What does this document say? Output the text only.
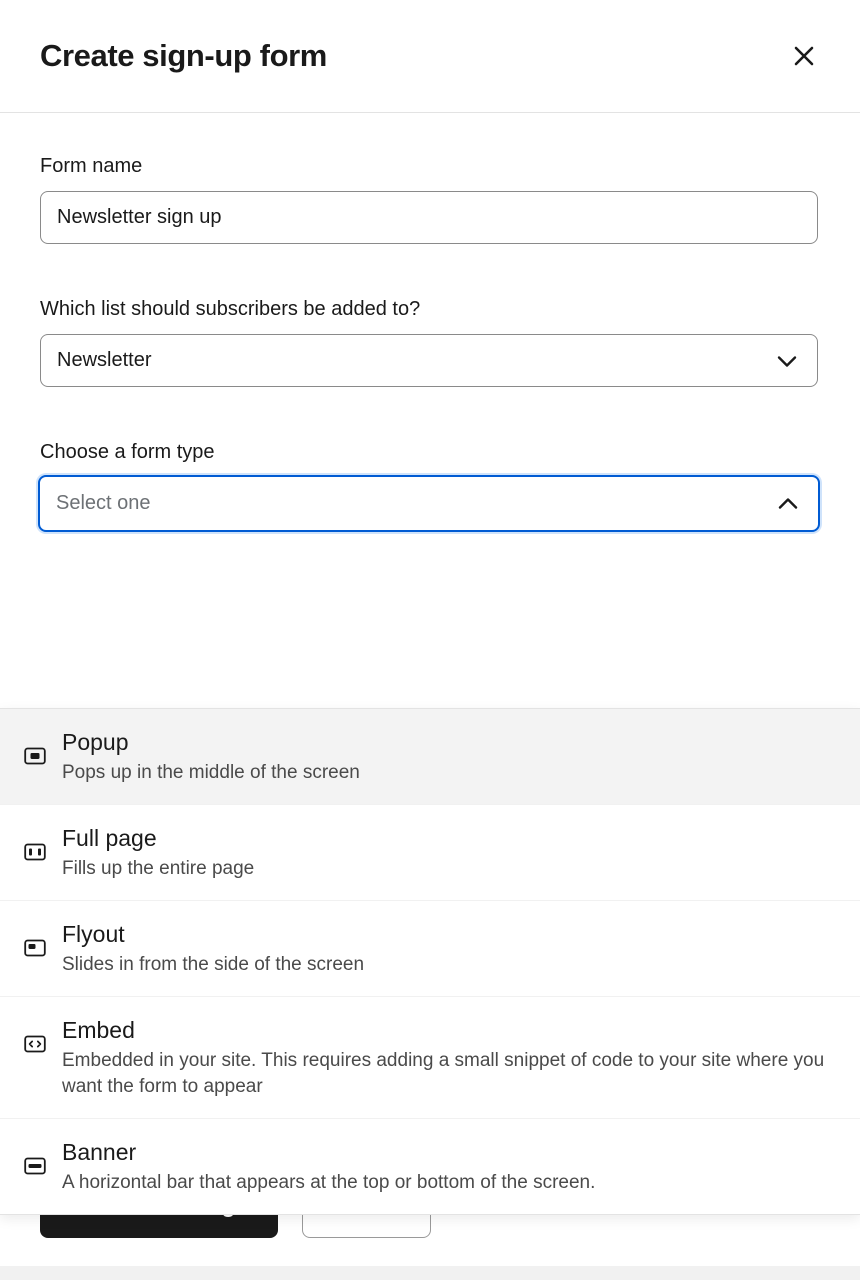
Create sign-up form
Form name
Newsletter sign up
Which list should subscribers be added to?
Newsletter
Choose a form type
Select one
Popup
Pops up in the middle of the screen
Full page
Fills up the entire page
Flyout
Slides in from the side of the screen
Embed
Embedded in your site. This requires adding a small snippet of code to your site where you want the form to appear
Banner
A horizontal bar that appears at the top or bottom of the screen.
